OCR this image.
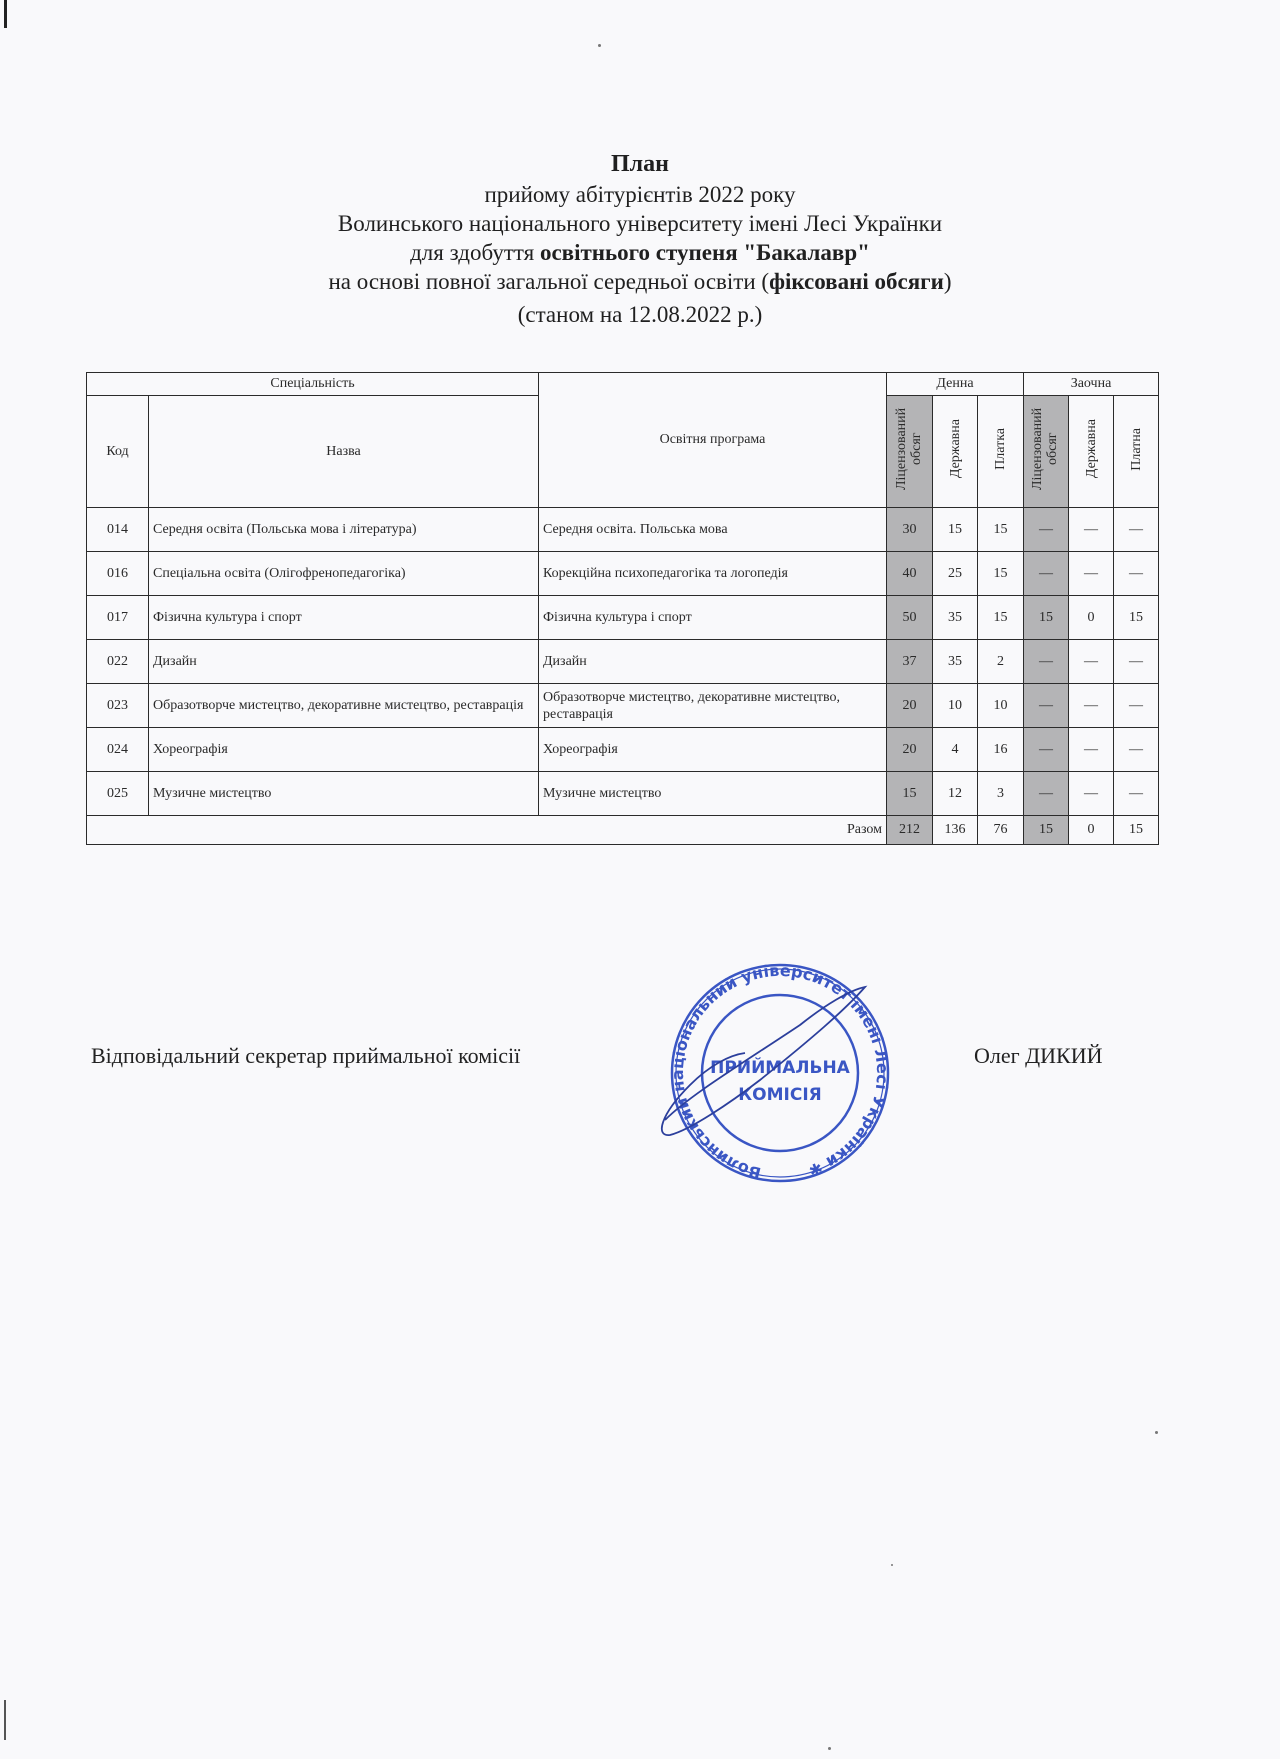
План
прийому абітурієнтів 2022 року
Волинського національного університету імені Лесі Українки
для здобуття освітнього ступеня "Бакалавр"
на основі повної загальної середньої освіти (фіксовані обсяги)
(станом на 12.08.2022 р.)
Спеціальність		Освітня програма	Денна			Заочна		
Код	Назва		Ліцензований обсяг	Державна	Платка	Ліцензований обсяг	Державна	Платна
014	Середня освіта (Польська мова і література)	Середня освіта. Польська мова	30	15	15	—	—	—
016	Спеціальна освіта (Олігофренопедагогіка)	Корекційна психопедагогіка та логопедія	40	25	15	—	—	—
017	Фізична культура і спорт	Фізична культура і спорт	50	35	15	15	0	15
022	Дизайн	Дизайн	37	35	2	—	—	—
023	Образотворче мистецтво, декоративне мистецтво, реставрація	Образотворче мистецтво, декоративне мистецтво, реставрація	20	10	10	—	—	—
024	Хореографія	Хореографія	20	4	16	—	—	—
025	Музичне мистецтво	Музичне мистецтво	15	12	3	—	—	—
Разом			212	136	76	15	0	15
Відповідальний секретар приймальної комісії
Волинський національний університет імені Лесі Українки ✱
ПРИЙМАЛЬНА
КОМІСІЯ
Олег ДИКИЙ
